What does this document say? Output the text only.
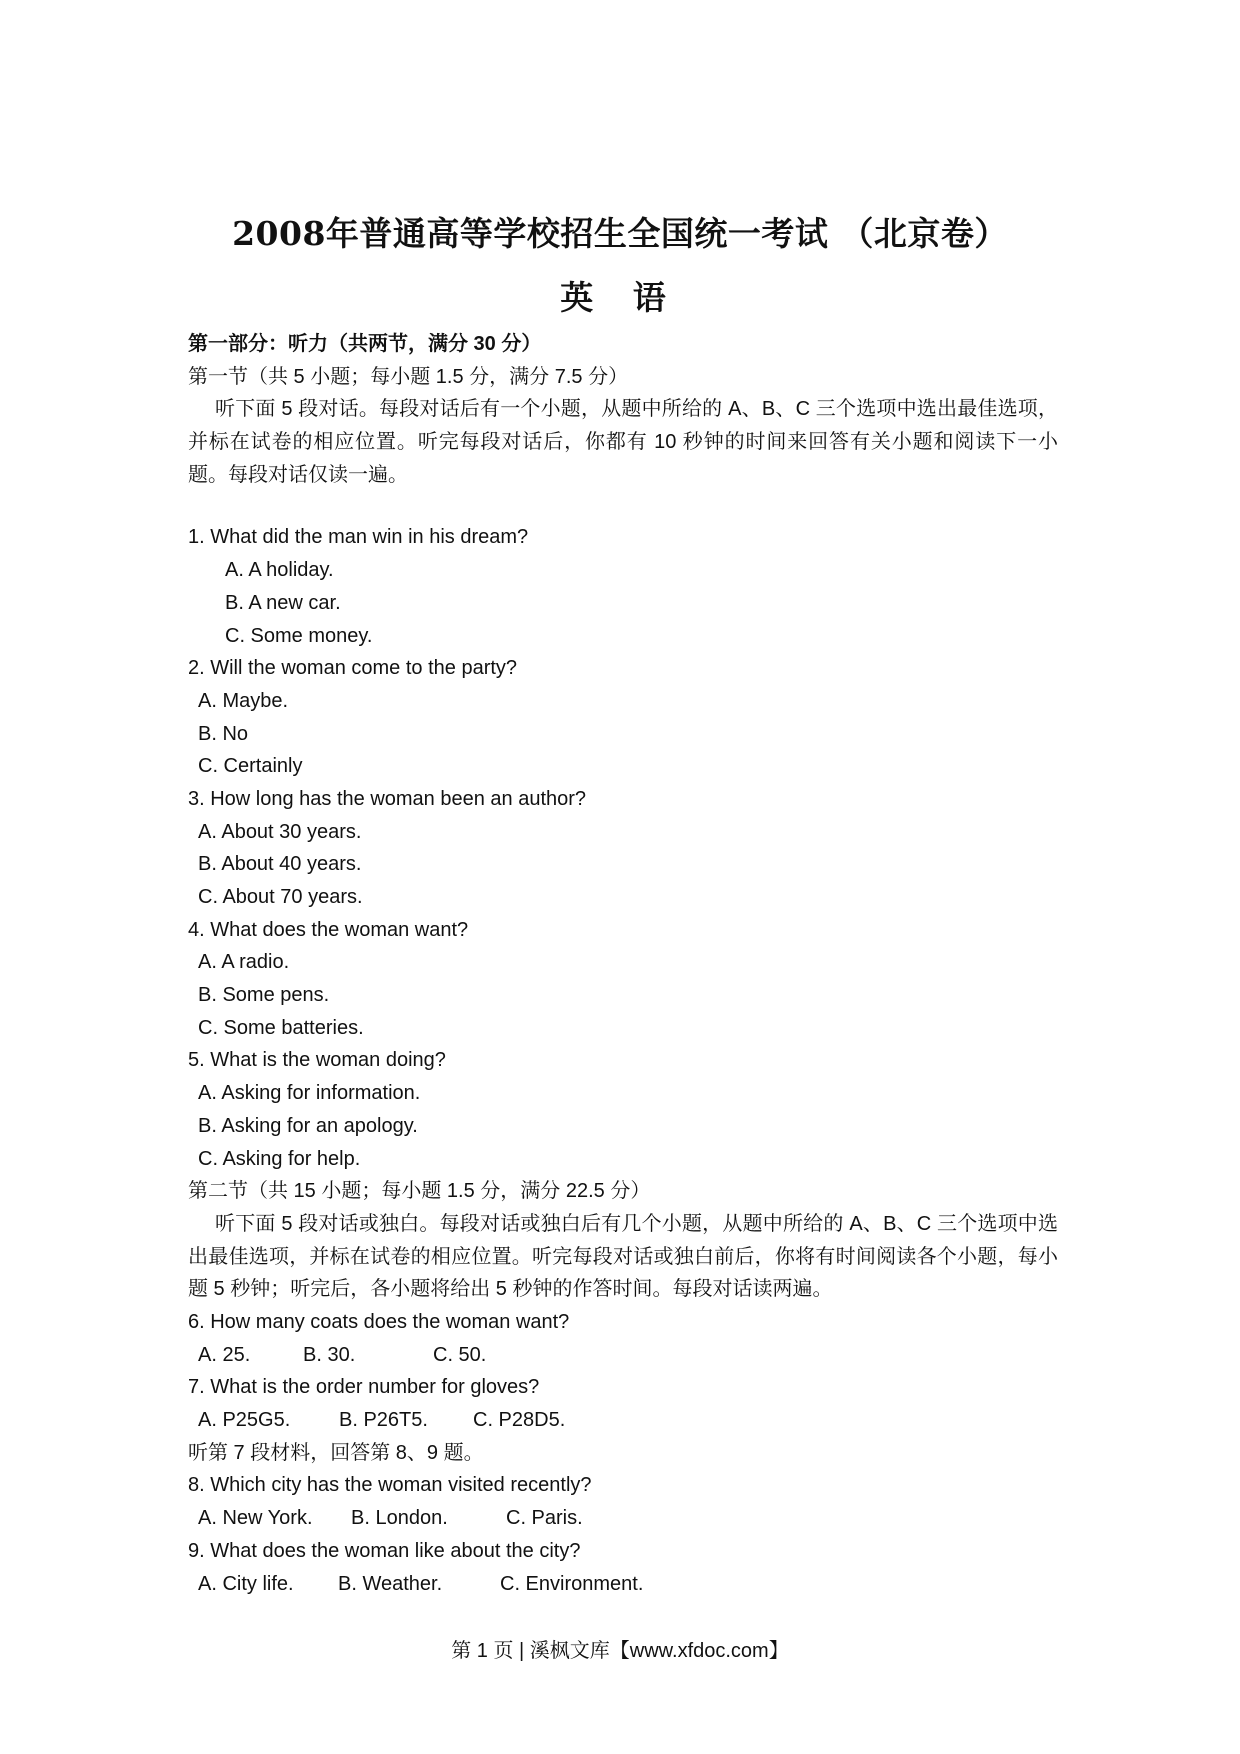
2008年普通高等学校招生全国统一考试 （北京卷）
英 语
第一部分：听力（共两节，满分 30 分）
第一节（共 5 小题；每小题 1.5 分，满分 7.5 分）
听下面 5 段对话。每段对话后有一个小题，从题中所给的 A、B、C 三个选项中选出最佳选项，并标在试卷的相应位置。听完每段对话后，你都有 10 秒钟的时间来回答有关小题和阅读下一小题。每段对话仅读一遍。
1. What did the man win in his dream?
A. A holiday.
B. A new car.
C. Some money.
2. Will the woman come to the party?
A. Maybe.
B. No
C. Certainly
3. How long has the woman been an author?
A. About 30 years.
B. About 40 years.
C. About 70 years.
4. What does the woman want?
A. A radio.
B. Some pens.
C. Some batteries.
5. What is the woman doing?
A. Asking for information.
B. Asking for an apology.
C. Asking for help.
第二节（共 15 小题；每小题 1.5 分，满分 22.5 分）
听下面 5 段对话或独白。每段对话或独白后有几个小题，从题中所给的 A、B、C 三个选项中选出最佳选项，并标在试卷的相应位置。听完每段对话或独白前后，你将有时间阅读各个小题，每小题 5 秒钟；听完后，各小题将给出 5 秒钟的作答时间。每段对话读两遍。
6. How many coats does the woman want?
A. 25.	B. 30.	C. 50.
7. What is the order number for gloves?
A. P25G5.	B. P26T5.	C. P28D5.
听第 7 段材料，回答第 8、9 题。
8. Which city has the woman visited recently?
A. New York.	B. London.	C. Paris.
9. What does the woman like about the city?
A. City life.	B. Weather.	C. Environment.
第 1 页 | 溪枫文库【www.xfdoc.com】
